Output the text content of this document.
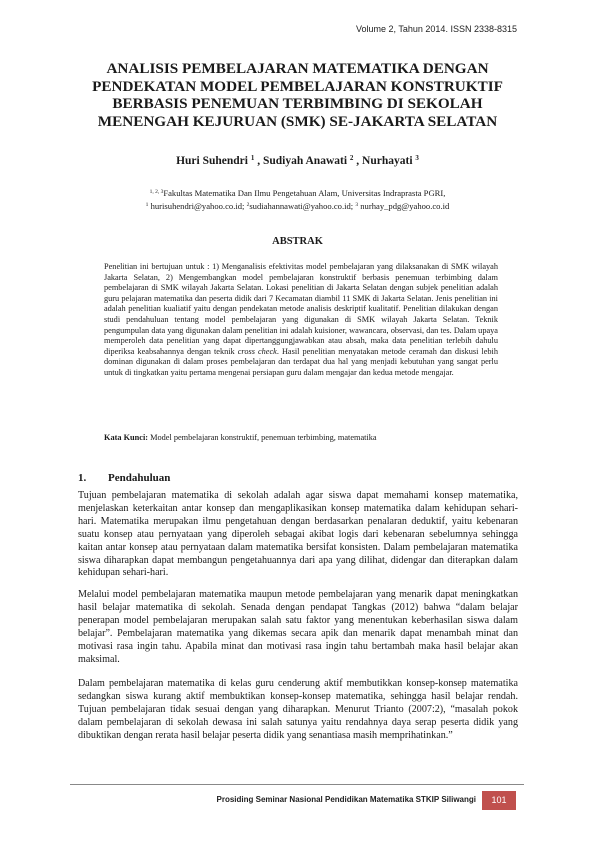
Volume 2, Tahun 2014. ISSN 2338-8315
ANALISIS PEMBELAJARAN MATEMATIKA DENGAN
PENDEKATAN MODEL PEMBELAJARAN KONSTRUKTIF
BERBASIS PENEMUAN TERBIMBING DI SEKOLAH
MENENGAH KEJURUAN (SMK) SE-JAKARTA SELATAN
Huri Suhendri $^1$ , Sudiyah Anawati $^2$ , Nurhayati $^3$
$^{1, 2, 3}$Fakultas Matematika Dan Ilmu Pengetahuan Alam, Universitas Indraprasta PGRI,
$^1$ hurisuhendri@yahoo.co.id; $^2$sudiahannawati@yahoo.co.id; $^3$ nurhay_pdg@yahoo.co.id
ABSTRAK
Penelitian ini bertujuan untuk : 1) Menganalisis efektivitas model pembelajaran yang dilaksanakan di SMK wilayah Jakarta Selatan, 2) Mengembangkan model pembelajaran konstruktif berbasis penemuan terbimbing dalam pembelajaran di SMK wilayah Jakarta Selatan. Lokasi penelitian di Jakarta Selatan dengan subjek penelitian adalah guru pelajaran matematika dan peserta didik dari 7 Kecamatan diambil 11 SMK di Jakarta Selatan. Jenis penelitian ini adalah penelitian kualiatif yaitu dengan pendekatan metode analisis deskriptif kualitatif. Penelitian dilakukan dengan studi pendahuluan tentang model pembelajaran yang digunakan di SMK wilayah Jakarta Selatan. Teknik pengumpulan data yang digunakan dalam penelitian ini adalah kuisioner, wawancara, observasi, dan tes. Dalam upaya memperoleh data penelitian yang dapat dipertanggungjawabkan atau absah, maka data penelitian terlebih dahulu diperiksa keabsahannya dengan teknik cross check. Hasil penelitian menyatakan metode ceramah dan diskusi lebih dominan digunakan di dalam proses pembelajaran dan terdapat dua hal yang menjadi kebutuhan yang sangat perlu untuk di tingkatkan yaitu pertama mengenai persiapan guru dalam mengajar dan kedua metode mengajar.
Kata Kunci: Model pembelajaran konstruktif, penemuan terbimbing, matematika
1. Pendahuluan
Tujuan pembelajaran matematika di sekolah adalah agar siswa dapat memahami konsep matematika, menjelaskan keterkaitan antar konsep dan mengaplikasikan konsep matematika dalam kehidupan sehari-hari. Matematika merupakan ilmu pengetahuan dengan berdasarkan penalaran deduktif, yaitu kebenaran suatu konsep atau pernyataan yang diperoleh sebagai akibat logis dari kebenaran sebelumnya sehingga kaitan antar konsep atau pernyataan dalam matematika bersifat konsisten. Dalam pembelajaran matematika siswa diharapkan dapat membangun pengetahuannya dari apa yang dilihat, didengar dan diterapkan dalam kehidupan sehari-hari.
Melalui model pembelajaran matematika maupun metode pembelajaran yang menarik dapat meningkatkan hasil belajar matematika di sekolah. Senada dengan pendapat Tangkas (2012) bahwa “dalam belajar penerapan model pembelajaran merupakan salah satu faktor yang menentukan keberhasilan siswa dalam belajar”. Pembelajaran matematika yang dikemas secara apik dan menarik dapat menambah minat dan motivasi rasa ingin tahu. Apabila minat dan motivasi rasa ingin tahu bertambah maka hasil belajar akan maksimal.
Dalam pembelajaran matematika di kelas guru cenderung aktif membutikkan konsep-konsep matematika sedangkan siswa kurang aktif membuktikan konsep-konsep matematika, sehingga hasil belajar rendah. Tujuan pembelajaran tidak sesuai dengan yang diharapkan. Menurut Trianto (2007:2), “masalah pokok dalam pembelajaran di sekolah dewasa ini salah satunya yaitu rendahnya daya serap peserta didik yang dibuktikan dengan rerata hasil belajar peserta didik yang senantiasa masih memprihatinkan.”
Prosiding Seminar Nasional Pendidikan Matematika STKIP Siliwangi	101
